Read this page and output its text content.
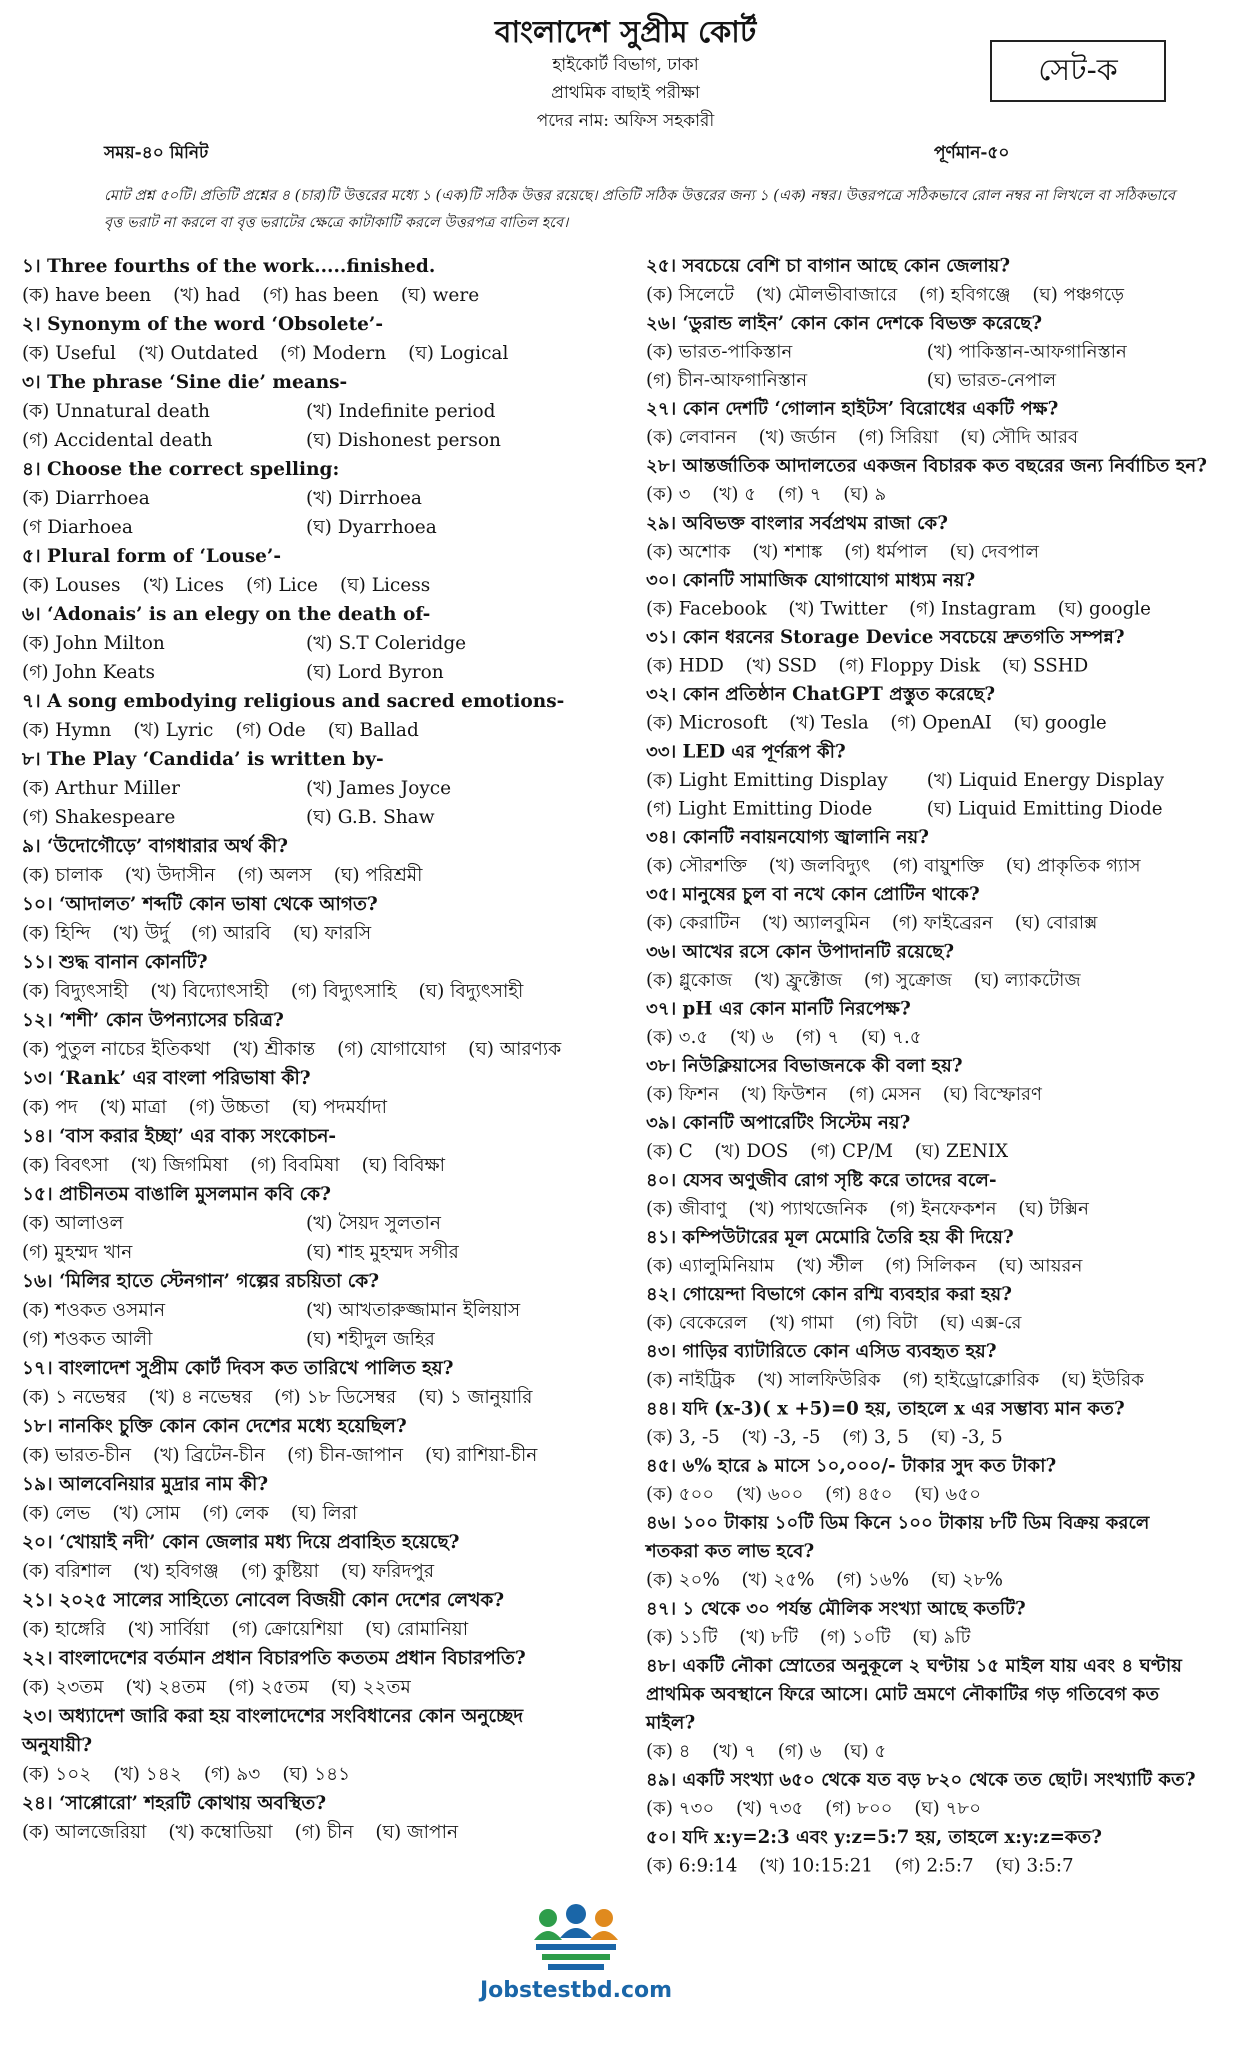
বাংলাদেশ সুপ্রীম কোর্ট
হাইকোর্ট বিভাগ, ঢাকা
প্রাথমিক বাছাই পরীক্ষা
পদের নাম: অফিস সহকারী
সেট-ক
সময়-৪০ মিনিট	পূর্ণমান-৫০
মোট প্রশ্ন ৫০টি। প্রতিটি প্রশ্নের ৪ (চার)টি উত্তরের মধ্যে ১ (এক)টি সঠিক উত্তর রয়েছে। প্রতিটি সঠিক উত্তরের জন্য ১ (এক) নম্বর। উত্তরপত্রে সঠিকভাবে রোল নম্বর না লিখলে বা সঠিকভাবে বৃত্ত ভরাট না করলে বা বৃত্ত ভরাটের ক্ষেত্রে কাটাকাটি করলে উত্তরপত্র বাতিল হবে।
১। Three fourths of the work.....finished.
(ক) have been (খ) had (গ) has been (ঘ) were
২। Synonym of the word ‘Obsolete’-
(ক) Useful (খ) Outdated (গ) Modern (ঘ) Logical
৩। The phrase ‘Sine die’ means-
(ক) Unnatural death	(খ) Indefinite period
(গ) Accidental death	(ঘ) Dishonest person
৪। Choose the correct spelling:
(ক) Diarrhoea	(খ) Dirrhoea
(গ Diarhoea	(ঘ) Dyarrhoea
৫। Plural form of ‘Louse’-
(ক) Louses (খ) Lices (গ) Lice (ঘ) Licess
৬। ‘Adonais’ is an elegy on the death of-
(ক) John Milton	(খ) S.T Coleridge
(গ) John Keats	(ঘ) Lord Byron
৭। A song embodying religious and sacred emotions-
(ক) Hymn (খ) Lyric (গ) Ode (ঘ) Ballad
৮। The Play ‘Candida’ is written by-
(ক) Arthur Miller	(খ) James Joyce
(গ) Shakespeare	(ঘ) G.B. Shaw
৯। ‘উদোগৌড়ে’ বাগধারার অর্থ কী?
(ক) চালাক (খ) উদাসীন (গ) অলস (ঘ) পরিশ্রমী
১০। ‘আদালত’ শব্দটি কোন ভাষা থেকে আগত?
(ক) হিন্দি (খ) উর্দু (গ) আরবি (ঘ) ফারসি
১১। শুদ্ধ বানান কোনটি?
(ক) বিদ্যুৎসাহী (খ) বিদ্যোৎসাহী (গ) বিদ্যুৎসাহি (ঘ) বিদ্যুৎসাহী
১২। ‘শশী’ কোন উপন্যাসের চরিত্র?
(ক) পুতুল নাচের ইতিকথা (খ) শ্রীকান্ত (গ) যোগাযোগ (ঘ) আরণ্যক
১৩। ‘Rank’ এর বাংলা পরিভাষা কী?
(ক) পদ (খ) মাত্রা (গ) উচ্চতা (ঘ) পদমর্যাদা
১৪। ‘বাস করার ইচ্ছা’ এর বাক্য সংকোচন-
(ক) বিবৎসা (খ) জিগমিষা (গ) বিবমিষা (ঘ) বিবিক্ষা
১৫। প্রাচীনতম বাঙালি মুসলমান কবি কে?
(ক) আলাওল	(খ) সৈয়দ সুলতান
(গ) মুহম্মদ খান	(ঘ) শাহ মুহম্মদ সগীর
১৬। ‘মিলির হাতে স্টেনগান’ গল্পের রচয়িতা কে?
(ক) শওকত ওসমান	(খ) আখতারুজ্জামান ইলিয়াস
(গ) শওকত আলী	(ঘ) শহীদুল জহির
১৭। বাংলাদেশ সুপ্রীম কোর্ট দিবস কত তারিখে পালিত হয়?
(ক) ১ নভেম্বর (খ) ৪ নভেম্বর (গ) ১৮ ডিসেম্বর (ঘ) ১ জানুয়ারি
১৮। নানকিং চুক্তি কোন কোন দেশের মধ্যে হয়েছিল?
(ক) ভারত-চীন (খ) ব্রিটেন-চীন (গ) চীন-জাপান (ঘ) রাশিয়া-চীন
১৯। আলবেনিয়ার মুদ্রার নাম কী?
(ক) লেভ (খ) সোম (গ) লেক (ঘ) লিরা
২০। ‘খোয়াই নদী’ কোন জেলার মধ্য দিয়ে প্রবাহিত হয়েছে?
(ক) বরিশাল (খ) হবিগঞ্জ (গ) কুষ্টিয়া (ঘ) ফরিদপুর
২১। ২০২৫ সালের সাহিত্যে নোবেল বিজয়ী কোন দেশের লেখক?
(ক) হাঙ্গেরি (খ) সার্বিয়া (গ) ক্রোয়েশিয়া (ঘ) রোমানিয়া
২২। বাংলাদেশের বর্তমান প্রধান বিচারপতি কততম প্রধান বিচারপতি?
(ক) ২৩তম (খ) ২৪তম (গ) ২৫তম (ঘ) ২২তম
২৩। অধ্যাদেশ জারি করা হয় বাংলাদেশের সংবিধানের কোন অনুচ্ছেদ অনুযায়ী?
(ক) ১০২ (খ) ১৪২ (গ) ৯৩ (ঘ) ১৪১
২৪। ‘সাপ্পোরো’ শহরটি কোথায় অবস্থিত?
(ক) আলজেরিয়া (খ) কম্বোডিয়া (গ) চীন (ঘ) জাপান
২৫। সবচেয়ে বেশি চা বাগান আছে কোন জেলায়?
(ক) সিলেটে (খ) মৌলভীবাজারে (গ) হবিগঞ্জে (ঘ) পঞ্চগড়ে
২৬। ‘ডুরান্ড লাইন’ কোন কোন দেশকে বিভক্ত করেছে?
(ক) ভারত-পাকিস্তান	(খ) পাকিস্তান-আফগানিস্তান
(গ) চীন-আফগানিস্তান	(ঘ) ভারত-নেপাল
২৭। কোন দেশটি ‘গোলান হাইটস’ বিরোধের একটি পক্ষ?
(ক) লেবানন (খ) জর্ডান (গ) সিরিয়া (ঘ) সৌদি আরব
২৮। আন্তর্জাতিক আদালতের একজন বিচারক কত বছরের জন্য নির্বাচিত হন?
(ক) ৩ (খ) ৫ (গ) ৭ (ঘ) ৯
২৯। অবিভক্ত বাংলার সর্বপ্রথম রাজা কে?
(ক) অশোক (খ) শশাঙ্ক (গ) ধর্মপাল (ঘ) দেবপাল
৩০। কোনটি সামাজিক যোগাযোগ মাধ্যম নয়?
(ক) Facebook (খ) Twitter (গ) Instagram (ঘ) google
৩১। কোন ধরনের Storage Device সবচেয়ে দ্রুতগতি সম্পন্ন?
(ক) HDD (খ) SSD (গ) Floppy Disk (ঘ) SSHD
৩২। কোন প্রতিষ্ঠান ChatGPT প্রস্তুত করেছে?
(ক) Microsoft (খ) Tesla (গ) OpenAI (ঘ) google
৩৩। LED এর পূর্ণরূপ কী?
(ক) Light Emitting Display	(খ) Liquid Energy Display
(গ) Light Emitting Diode	(ঘ) Liquid Emitting Diode
৩৪। কোনটি নবায়নযোগ্য জ্বালানি নয়?
(ক) সৌরশক্তি (খ) জলবিদ্যুৎ (গ) বায়ুশক্তি (ঘ) প্রাকৃতিক গ্যাস
৩৫। মানুষের চুল বা নখে কোন প্রোটিন থাকে?
(ক) কেরাটিন (খ) অ্যালবুমিন (গ) ফাইব্রেরন (ঘ) বোরাক্স
৩৬। আখের রসে কোন উপাদানটি রয়েছে?
(ক) গ্লুকোজ (খ) ফ্রুক্টোজ (গ) সুক্রোজ (ঘ) ল্যাকটোজ
৩৭। pH এর কোন মানটি নিরপেক্ষ?
(ক) ৩.৫ (খ) ৬ (গ) ৭ (ঘ) ৭.৫
৩৮। নিউক্লিয়াসের বিভাজনকে কী বলা হয়?
(ক) ফিশন (খ) ফিউশন (গ) মেসন (ঘ) বিস্ফোরণ
৩৯। কোনটি অপারেটিং সিস্টেম নয়?
(ক) C (খ) DOS (গ) CP/M (ঘ) ZENIX
৪০। যেসব অণুজীব রোগ সৃষ্টি করে তাদের বলে-
(ক) জীবাণু (খ) প্যাথজেনিক (গ) ইনফেকশন (ঘ) টক্সিন
৪১। কম্পিউটারের মূল মেমোরি তৈরি হয় কী দিয়ে?
(ক) এ্যালুমিনিয়াম (খ) স্টীল (গ) সিলিকন (ঘ) আয়রন
৪২। গোয়েন্দা বিভাগে কোন রশ্মি ব্যবহার করা হয়?
(ক) বেকেরেল (খ) গামা (গ) বিটা (ঘ) এক্স-রে
৪৩। গাড়ির ব্যাটারিতে কোন এসিড ব্যবহৃত হয়?
(ক) নাইট্রিক (খ) সালফিউরিক (গ) হাইড্রোক্লোরিক (ঘ) ইউরিক
৪৪। যদি (x-3)( x +5)=0 হয়, তাহলে x এর সম্ভাব্য মান কত?
(ক) 3, -5 (খ) -3, -5 (গ) 3, 5 (ঘ) -3, 5
৪৫। ৬% হারে ৯ মাসে ১০,০০০/- টাকার সুদ কত টাকা?
(ক) ৫০০ (খ) ৬০০ (গ) ৪৫০ (ঘ) ৬৫০
৪৬। ১০০ টাকায় ১০টি ডিম কিনে ১০০ টাকায় ৮টি ডিম বিক্রয় করলে শতকরা কত লাভ হবে?
(ক) ২০% (খ) ২৫% (গ) ১৬% (ঘ) ২৮%
৪৭। ১ থেকে ৩০ পর্যন্ত মৌলিক সংখ্যা আছে কতটি?
(ক) ১১টি (খ) ৮টি (গ) ১০টি (ঘ) ৯টি
৪৮। একটি নৌকা স্রোতের অনুকূলে ২ ঘণ্টায় ১৫ মাইল যায় এবং ৪ ঘণ্টায় প্রাথমিক অবস্থানে ফিরে আসে। মোট ভ্রমণে নৌকাটির গড় গতিবেগ কত মাইল?
(ক) ৪ (খ) ৭ (গ) ৬ (ঘ) ৫
৪৯। একটি সংখ্যা ৬৫০ থেকে যত বড় ৮২০ থেকে তত ছোট। সংখ্যাটি কত?
(ক) ৭৩০ (খ) ৭৩৫ (গ) ৮০০ (ঘ) ৭৮০
৫০। যদি x:y=2:3 এবং y:z=5:7 হয়, তাহলে x:y:z=কত?
(ক) 6:9:14 (খ) 10:15:21 (গ) 2:5:7 (ঘ) 3:5:7
Jobstestbd.com
